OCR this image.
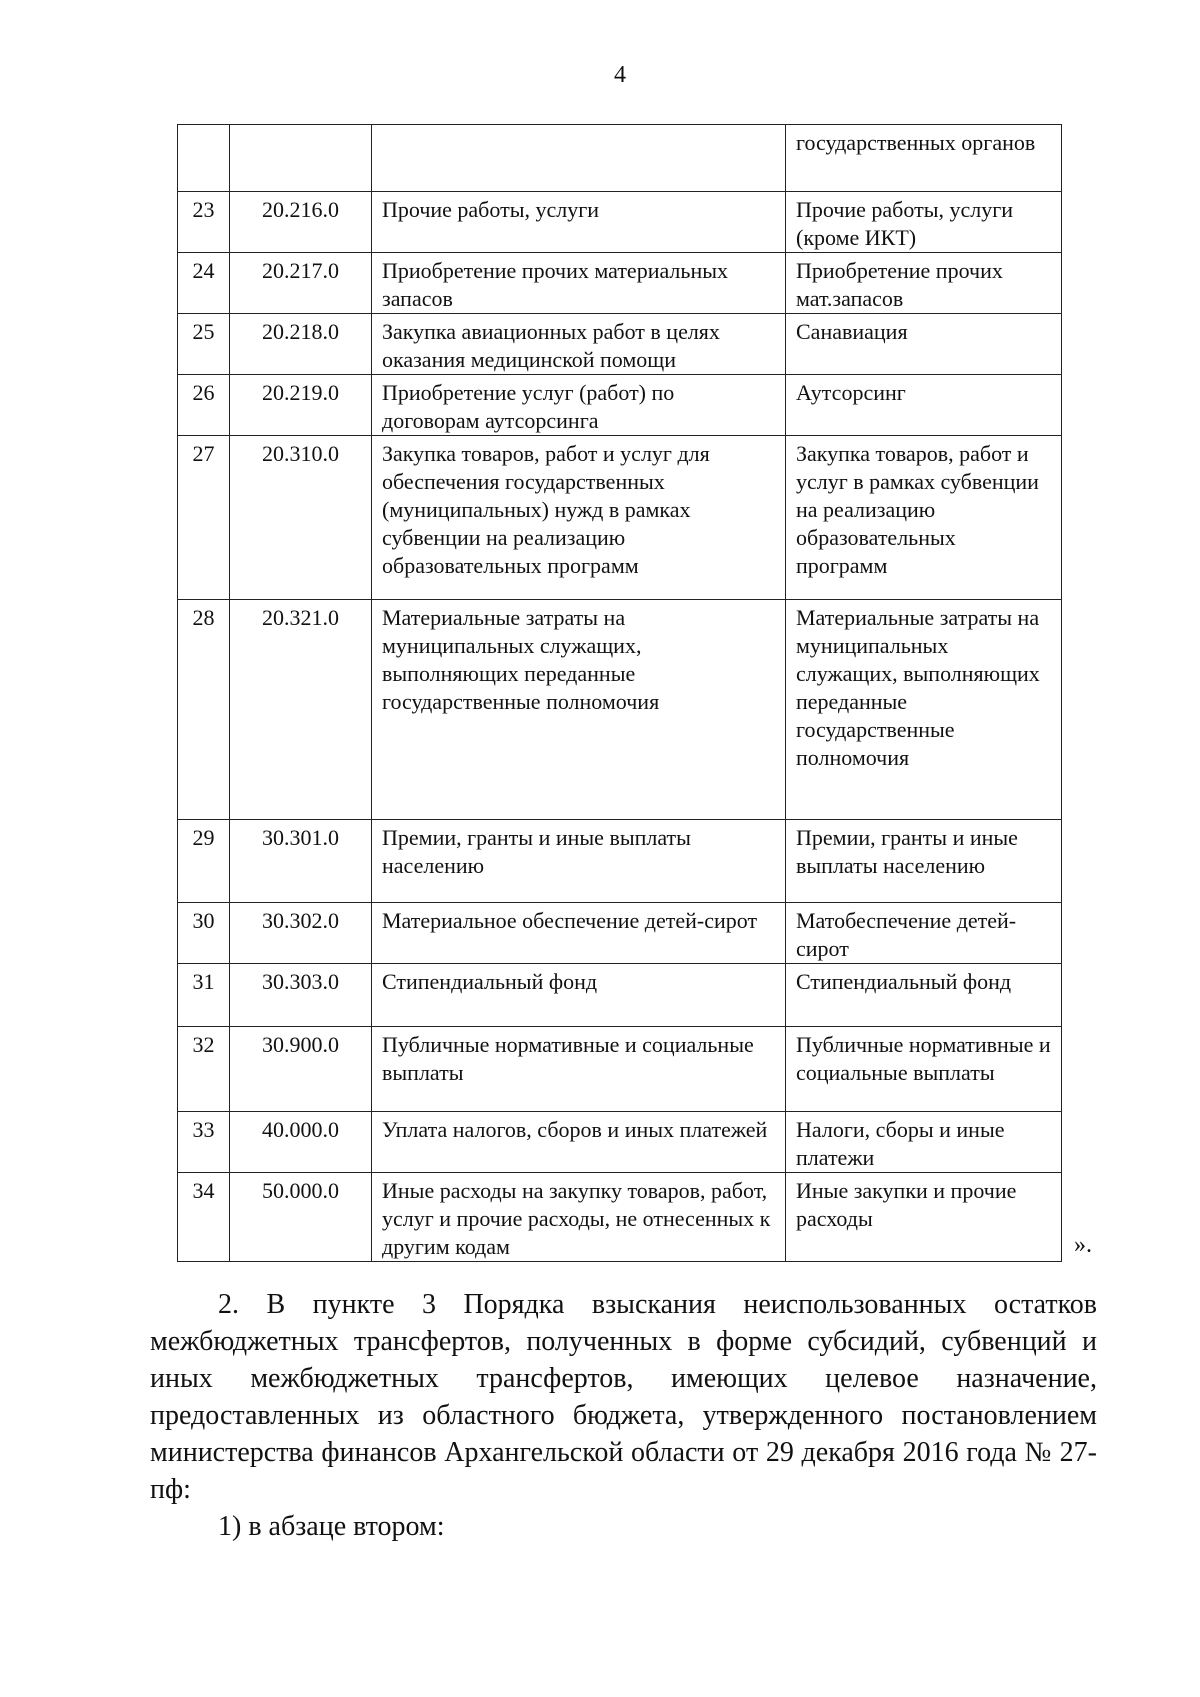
4
			государственных органов
23	20.216.0	Прочие работы, услуги	Прочие работы, услуги (кроме ИКТ)
24	20.217.0	Приобретение прочих материальных запасов	Приобретение прочих мат.запасов
25	20.218.0	Закупка авиационных работ в целях оказания медицинской помощи	Санавиация
26	20.219.0	Приобретение услуг (работ) по договорам аутсорсинга	Аутсорсинг
27	20.310.0	Закупка товаров, работ и услуг для обеспечения государственных (муниципальных) нужд в рамках субвенции на реализацию образовательных программ	Закупка товаров, работ и услуг в рамках субвенции на реализацию образовательных программ
28	20.321.0	Материальные затраты на муниципальных служащих, выполняющих переданные государственные полномочия	Материальные затраты на муниципальных служащих, выполняющих переданные государственные полномочия
29	30.301.0	Премии, гранты и иные выплаты населению	Премии, гранты и иные выплаты населению
30	30.302.0	Материальное обеспечение детей-сирот	Матобеспечение детей-сирот
31	30.303.0	Стипендиальный фонд	Стипендиальный фонд
32	30.900.0	Публичные нормативные и социальные выплаты	Публичные нормативные и социальные выплаты
33	40.000.0	Уплата налогов, сборов и иных платежей	Налоги, сборы и иные платежи
34	50.000.0	Иные расходы на закупку товаров, работ, услуг и прочие расходы, не отнесенных к другим кодам	Иные закупки и прочие расходы
».

2. В пункте 3 Порядка взыскания неиспользованных остатков межбюджетных трансфертов, полученных в форме субсидий, субвенций и иных межбюджетных трансфертов, имеющих целевое назначение, предоставленных из областного бюджета, утвержденного постановлением министерства финансов Архангельской области от 29 декабря 2016 года № 27-пф:

1) в абзаце втором:
